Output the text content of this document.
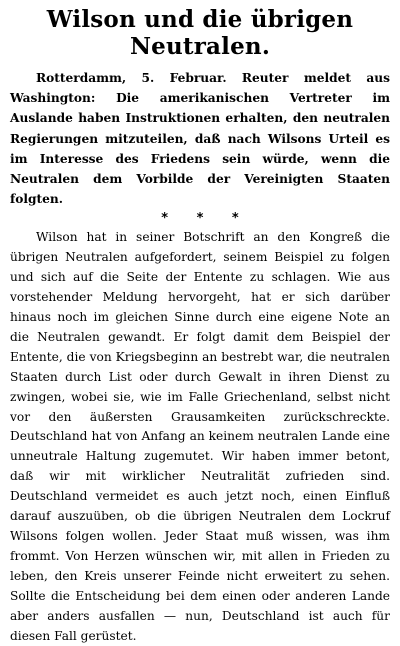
Wilson und die übrigen Neutralen.

Rotterdamm, 5. Februar. Reuter meldet aus Washington: Die amerikanischen Vertreter im Auslande haben Instruktionen erhalten, den neutralen Regierungen mitzuteilen, daß nach Wilsons Urteil es im Interesse des Friedens sein würde, wenn die Neutralen dem Vorbilde der Vereinigten Staaten folgten.

* * *

Wilson hat in seiner Botschrift an den Kongreß die übrigen Neutralen aufgefordert, seinem Beispiel zu folgen und sich auf die Seite der Entente zu schlagen. Wie aus vorstehender Meldung hervorgeht, hat er sich darüber hinaus noch im gleichen Sinne durch eine eigene Note an die Neutralen gewandt. Er folgt damit dem Beispiel der Entente, die von Kriegsbeginn an bestrebt war, die neutralen Staaten durch List oder durch Gewalt in ihren Dienst zu zwingen, wobei sie, wie im Falle Griechenland, selbst nicht vor den äußersten Grausamkeiten zurückschreckte. Deutschland hat von Anfang an keinem neutralen Lande eine unneutrale Haltung zugemutet. Wir haben immer betont, daß wir mit wirklicher Neutralität zufrieden sind. Deutschland vermeidet es auch jetzt noch, einen Einfluß darauf auszuüben, ob die übrigen Neutralen dem Lockruf Wilsons folgen wollen. Jeder Staat muß wissen, was ihm frommt. Von Herzen wünschen wir, mit allen in Frieden zu leben, den Kreis unserer Feinde nicht erweitert zu sehen. Sollte die Entscheidung bei dem einen oder anderen Lande aber anders ausfallen — nun, Deutschland ist auch für diesen Fall gerüstet.
